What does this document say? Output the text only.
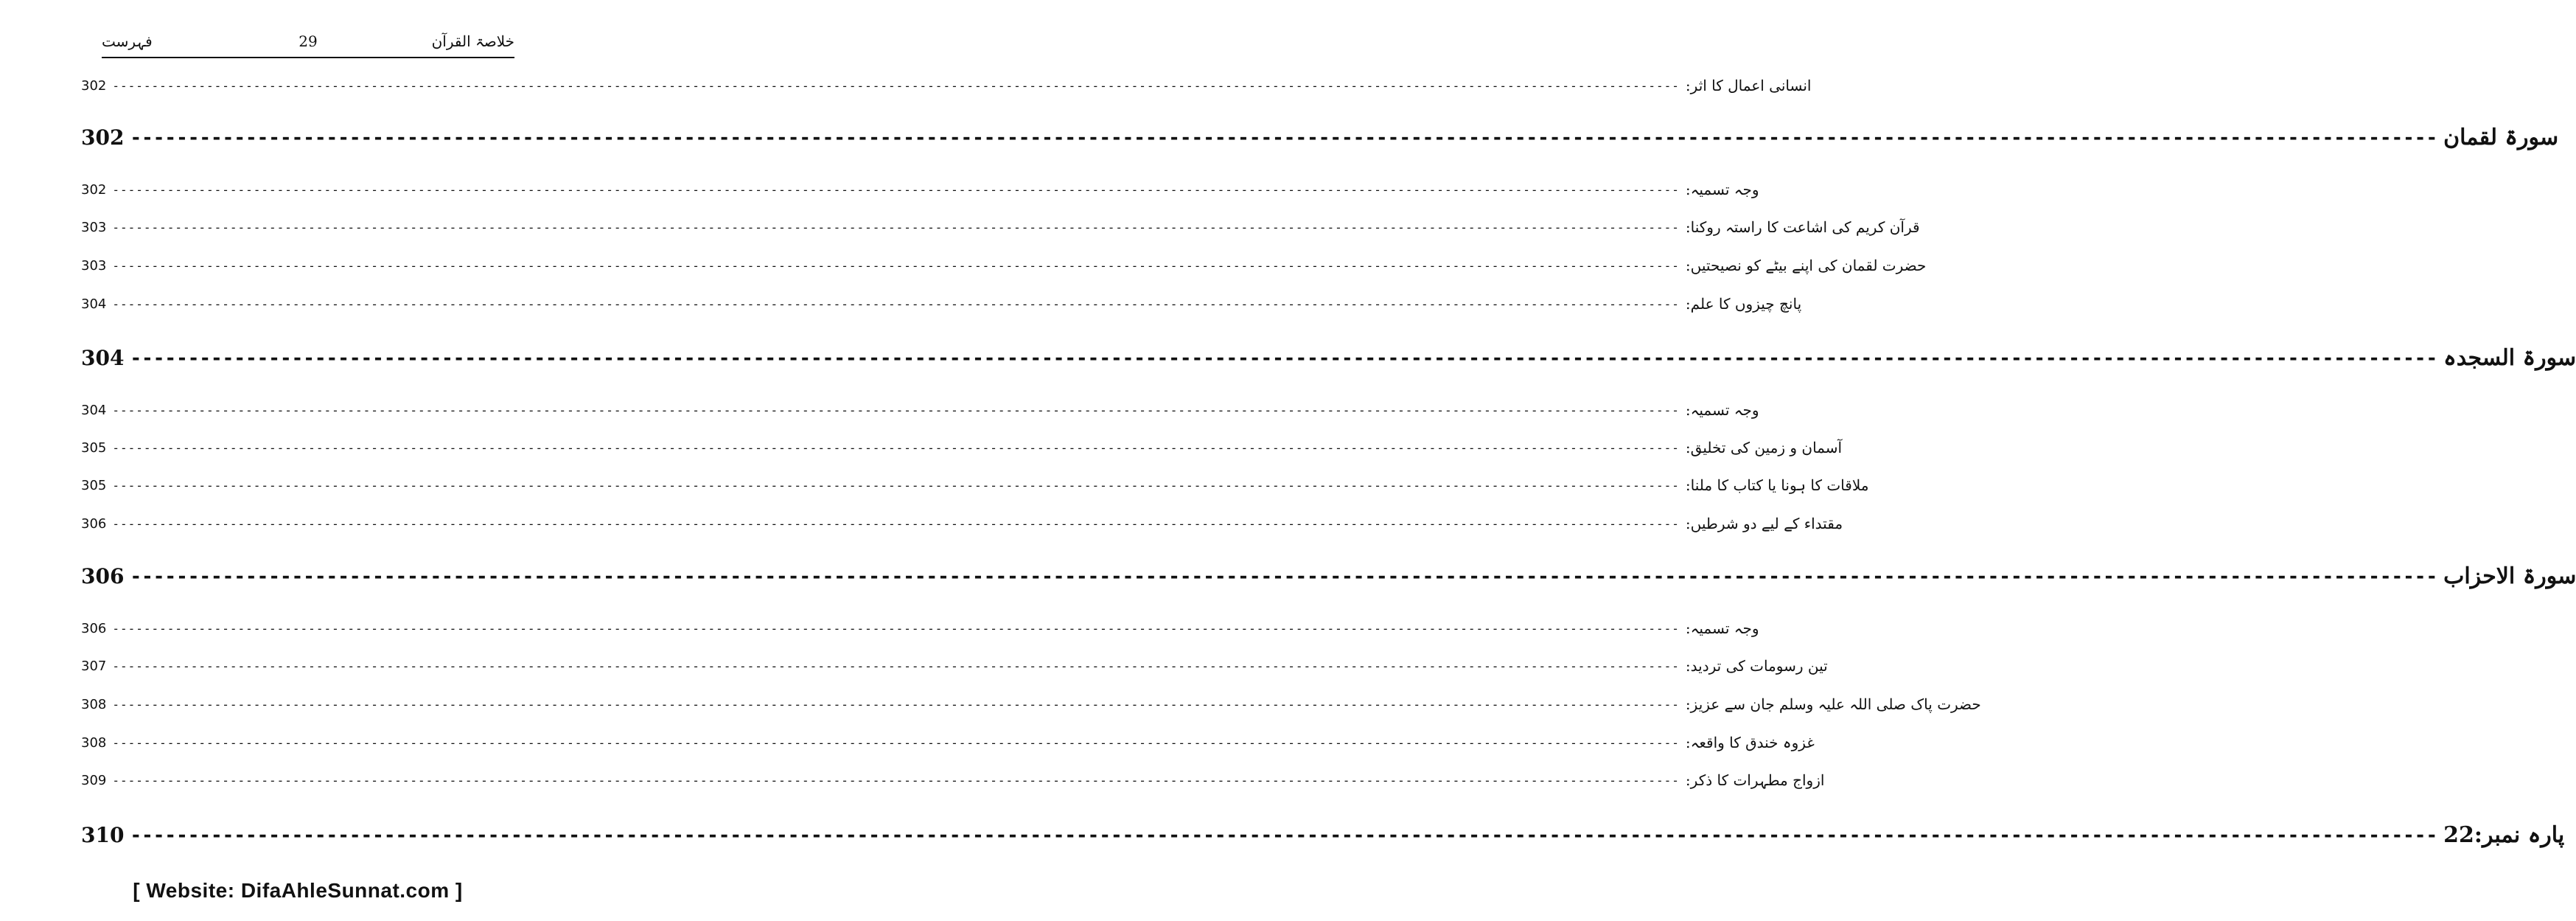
خلاصۃ القرآن
29
فہرست
302 -------------------------------------------------------------------------------------------------------------------------------------------------------------------------------------------------------- انسانی اعمال کا اثر:
302 -------------------------------------------------------------------------------------------------------------------------------------------------------------------------------------------------------- سورۃ لقمان
302 -------------------------------------------------------------------------------------------------------------------------------------------------------------------------------------------------------- وجہ تسمیہ:
303 -------------------------------------------------------------------------------------------------------------------------------------------------------------------------------------------------------- قرآن کریم کی اشاعت کا راستہ روکنا:
303 -------------------------------------------------------------------------------------------------------------------------------------------------------------------------------------------------------- حضرت لقمان کی اپنے بیٹے کو نصیحتیں:
304 -------------------------------------------------------------------------------------------------------------------------------------------------------------------------------------------------------- پانچ چیزوں کا علم:
304 -------------------------------------------------------------------------------------------------------------------------------------------------------------------------------------------------------- سورۃ السجدہ
304 -------------------------------------------------------------------------------------------------------------------------------------------------------------------------------------------------------- وجہ تسمیہ:
305 -------------------------------------------------------------------------------------------------------------------------------------------------------------------------------------------------------- آسمان و زمین کی تخلیق:
305 -------------------------------------------------------------------------------------------------------------------------------------------------------------------------------------------------------- ملاقات کا ہونا یا کتاب کا ملنا:
306 -------------------------------------------------------------------------------------------------------------------------------------------------------------------------------------------------------- مقتداء کے لیے دو شرطیں:
306 -------------------------------------------------------------------------------------------------------------------------------------------------------------------------------------------------------- سورۃ الاحزاب
306 -------------------------------------------------------------------------------------------------------------------------------------------------------------------------------------------------------- وجہ تسمیہ:
307 -------------------------------------------------------------------------------------------------------------------------------------------------------------------------------------------------------- تین رسومات کی تردید:
308 -------------------------------------------------------------------------------------------------------------------------------------------------------------------------------------------------------- حضرت پاک صلی اللہ علیہ وسلم جان سے عزیز:
308 -------------------------------------------------------------------------------------------------------------------------------------------------------------------------------------------------------- غزوہ خندق کا واقعہ:
309 -------------------------------------------------------------------------------------------------------------------------------------------------------------------------------------------------------- ازواج مطہرات کا ذکر:
310 -------------------------------------------------------------------------------------------------------------------------------------------------------------------------------------------------------- پارہ نمبر:22
[ Website: DifaAhleSunnat.com ]
